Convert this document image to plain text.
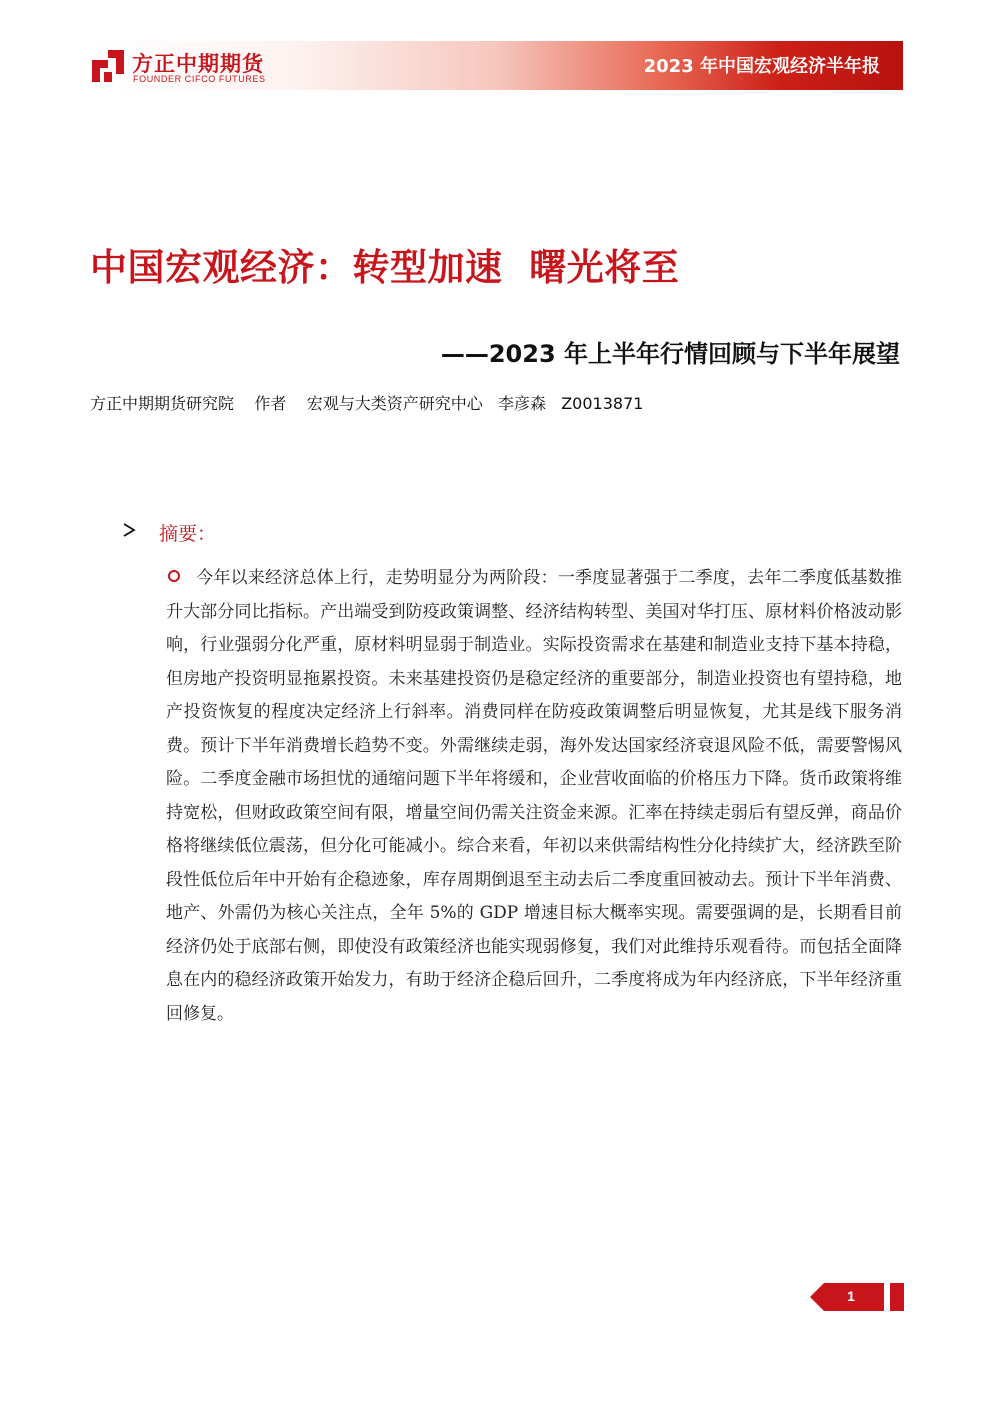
方正中期期货
FOUNDER CIFCO FUTURES
2023 年中国宏观经济半年报
中国宏观经济：转型加速  曙光将至
——2023 年上半年行情回顾与下半年展望
方正中期期货研究院    作者    宏观与大类资产研究中心   李彦森   Z0013871
摘要：
今年以来经济总体上行，走势明显分为两阶段：一季度显著强于二季度，去年二季度低基数推升大部分同比指标。产出端受到防疫政策调整、经济结构转型、美国对华打压、原材料价格波动影响，行业强弱分化严重，原材料明显弱于制造业。实际投资需求在基建和制造业支持下基本持稳，但房地产投资明显拖累投资。未来基建投资仍是稳定经济的重要部分，制造业投资也有望持稳，地产投资恢复的程度决定经济上行斜率。消费同样在防疫政策调整后明显恢复，尤其是线下服务消费。预计下半年消费增长趋势不变。外需继续走弱，海外发达国家经济衰退风险不低，需要警惕风险。二季度金融市场担忧的通缩问题下半年将缓和，企业营收面临的价格压力下降。货币政策将维持宽松，但财政政策空间有限，增量空间仍需关注资金来源。汇率在持续走弱后有望反弹，商品价格将继续低位震荡，但分化可能减小。综合来看，年初以来供需结构性分化持续扩大，经济跌至阶段性低位后年中开始有企稳迹象，库存周期倒退至主动去后二季度重回被动去。预计下半年消费、地产、外需仍为核心关注点，全年 5%的 GDP 增速目标大概率实现。需要强调的是，长期看目前经济仍处于底部右侧，即使没有政策经济也能实现弱修复，我们对此维持乐观看待。而包括全面降息在内的稳经济政策开始发力，有助于经济企稳后回升，二季度将成为年内经济底，下半年经济重回修复。
1
